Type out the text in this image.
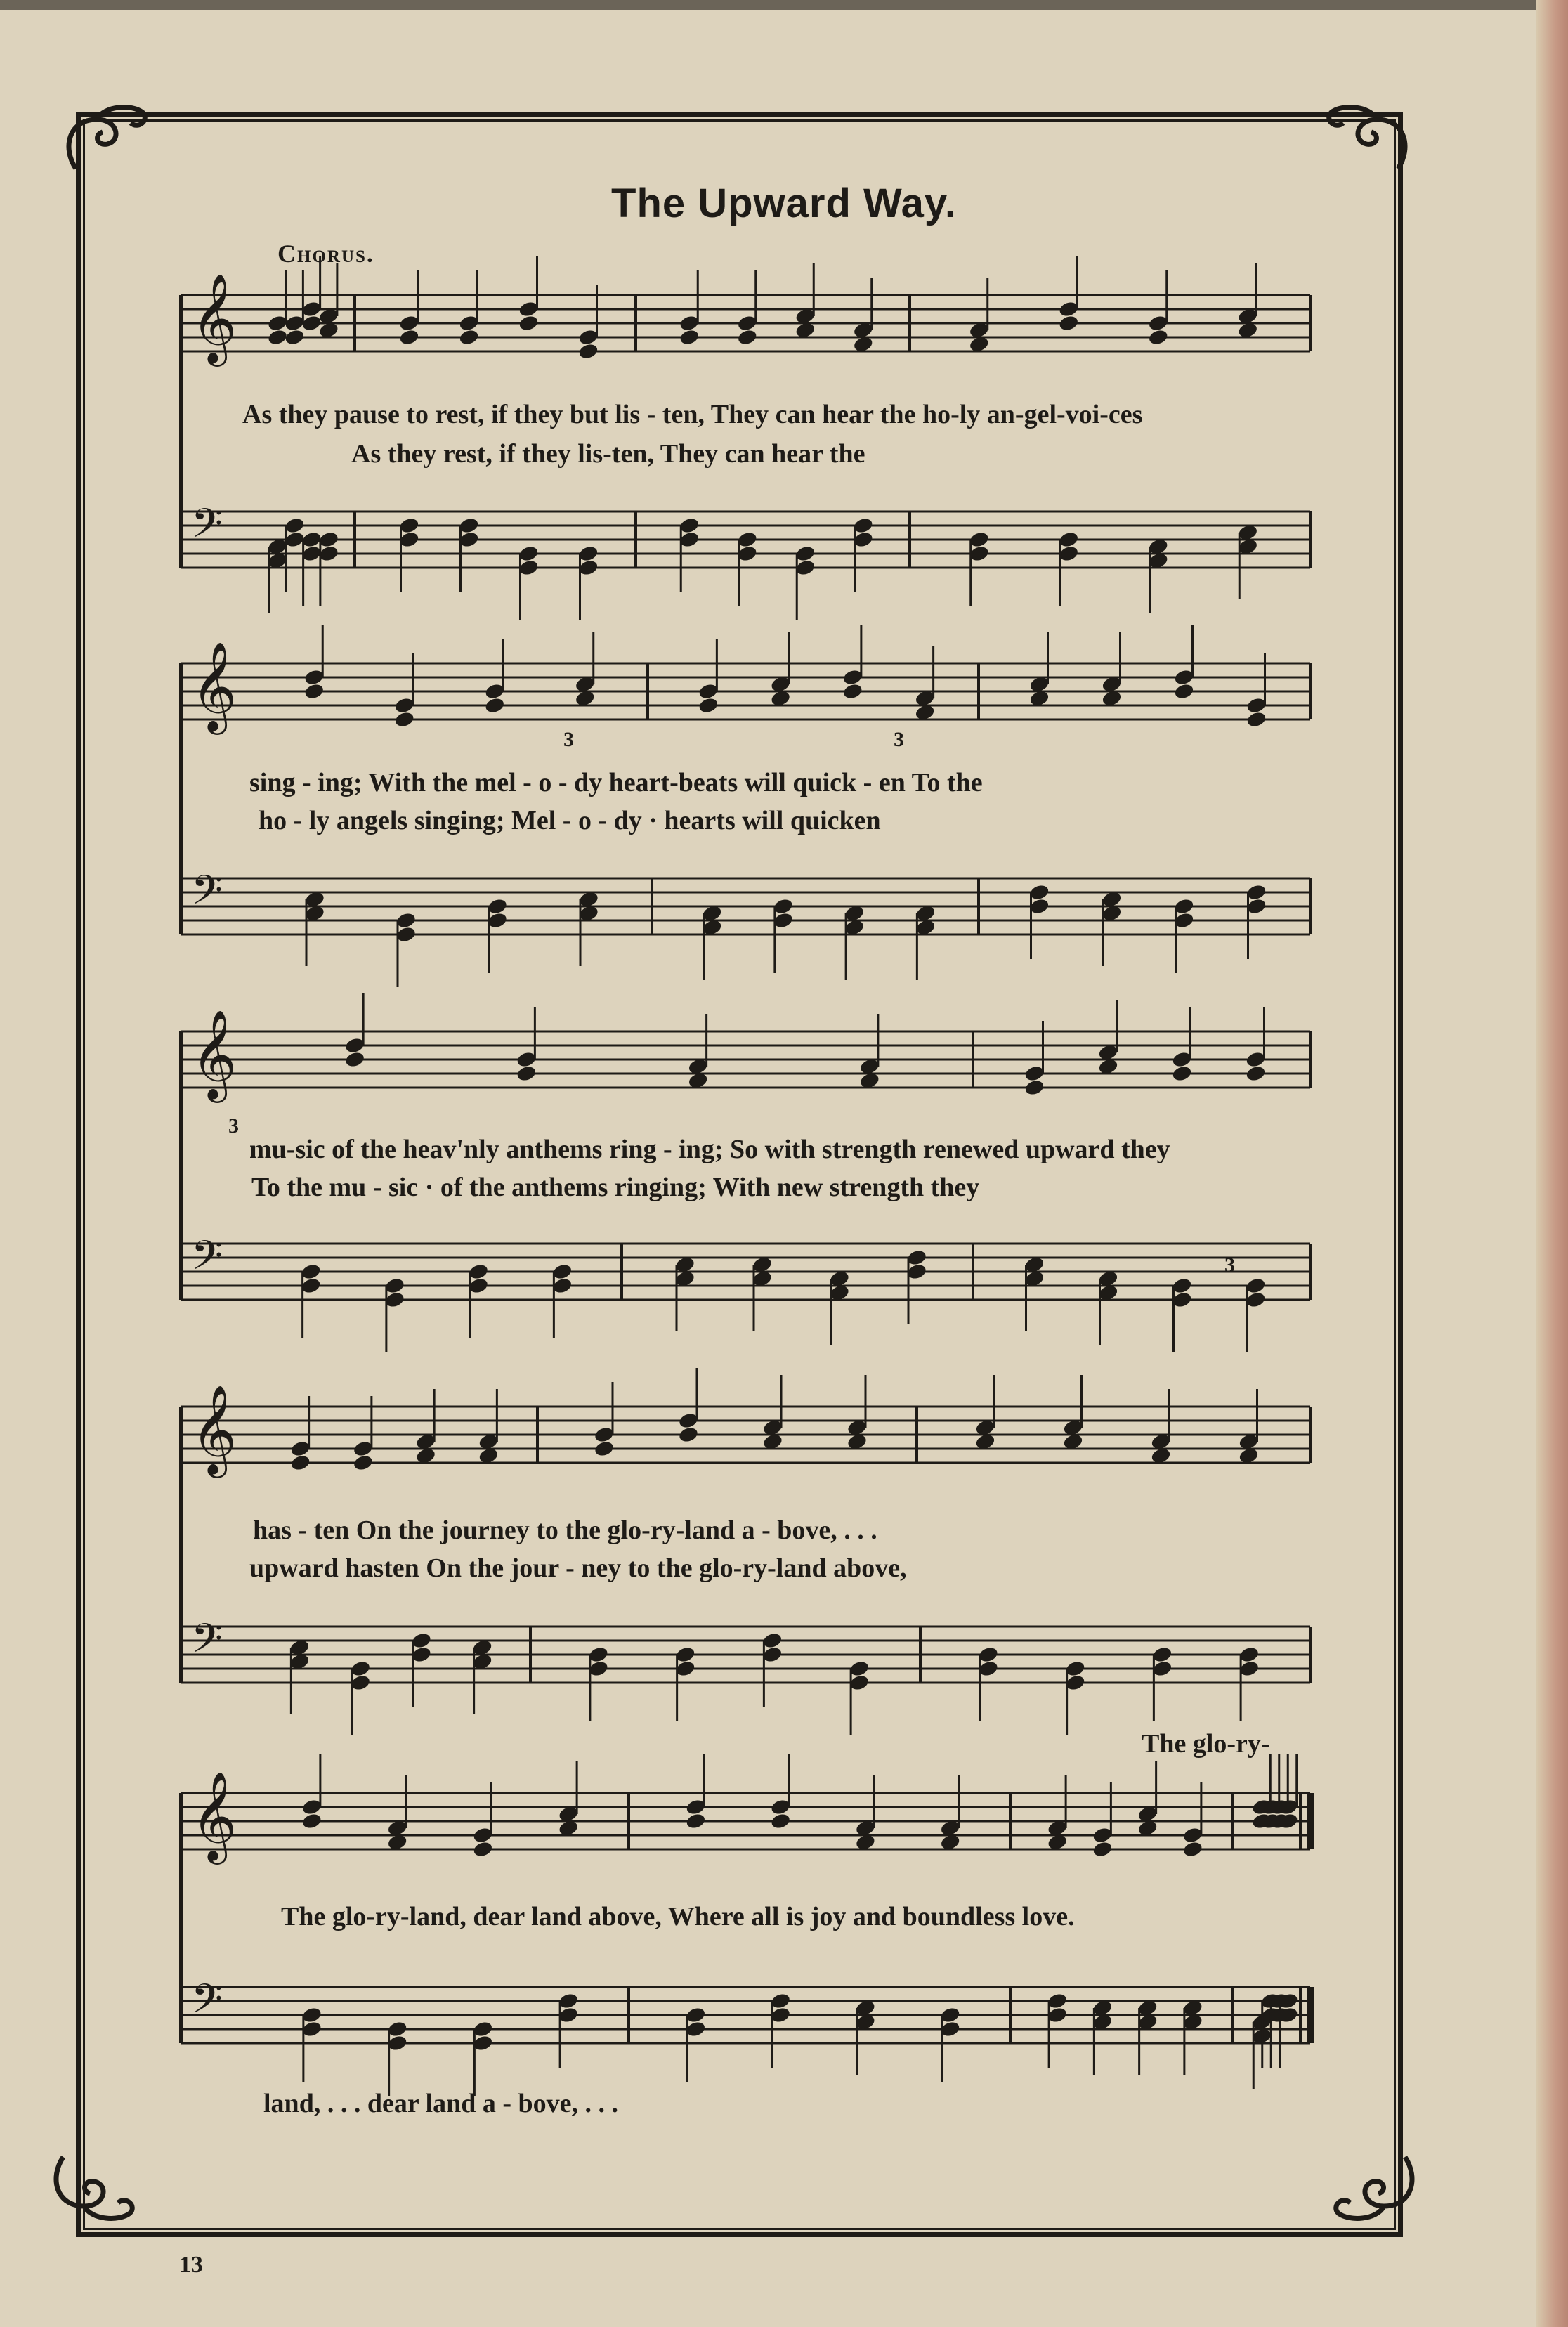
The Upward Way.
Chorus.
𝄞
𝄢
𝄞
𝄢
𝄞
𝄢
𝄞
𝄢
𝄞
𝄢
3	3
3
3
As they pause to rest, if they but lis - ten, They can hear the ho-ly an-gel-voi-ces
As they rest, if they lis-ten, They can hear the
sing - ing; With the mel - o - dy heart-beats will quick - en To the
ho - ly angels singing; Mel - o - dy · hearts will quicken
mu-sic of the heav'nly anthems ring - ing; So with strength renewed upward they
To the mu - sic · of the anthems ringing; With new strength they
has - ten On the journey to the glo-ry-land a - bove, . . .
upward hasten On the jour - ney to the glo-ry-land above,
The glo-ry-
The glo-ry-land, dear land above, Where all is joy and boundless love.
land, . . . dear land a - bove, . . .
13
